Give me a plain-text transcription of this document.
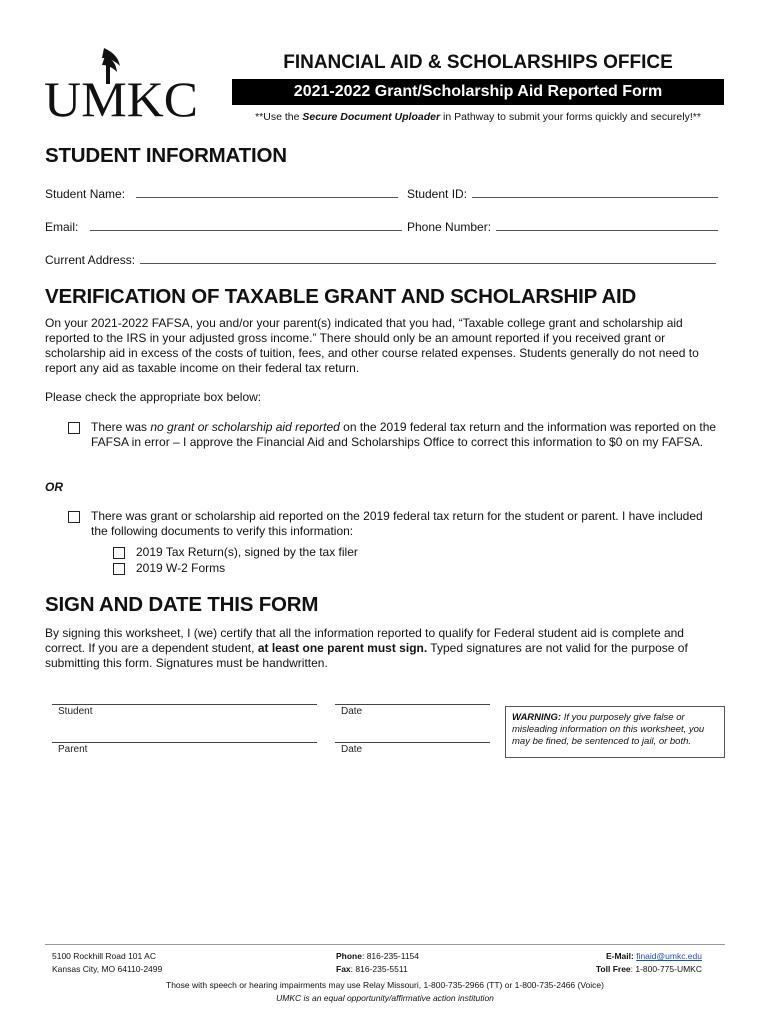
UMKC
FINANCIAL AID & SCHOLARSHIPS OFFICE
2021-2022 Grant/Scholarship Aid Reported Form
**Use the Secure Document Uploader in Pathway to submit your forms quickly and securely!**
STUDENT INFORMATION
Student Name:	Student ID:
Email:	Phone Number:
Current Address:
VERIFICATION OF TAXABLE GRANT AND SCHOLARSHIP AID
On your 2021-2022 FAFSA, you and/or your parent(s) indicated that you had, “Taxable college grant and scholarship aid reported to the IRS in your adjusted gross income.” There should only be an amount reported if you received grant or scholarship aid in excess of the costs of tuition, fees, and other course related expenses. Students generally do not need to report any aid as taxable income on their federal tax return.
Please check the appropriate box below:
There was no grant or scholarship aid reported on the 2019 federal tax return and the information was reported on the FAFSA in error – I approve the Financial Aid and Scholarships Office to correct this information to $0 on my FAFSA.
OR
There was grant or scholarship aid reported on the 2019 federal tax return for the student or parent. I have included the following documents to verify this information:
2019 Tax Return(s), signed by the tax filer
2019 W-2 Forms
SIGN AND DATE THIS FORM
By signing this worksheet, I (we) certify that all the information reported to qualify for Federal student aid is complete and correct. If you are a dependent student, at least one parent must sign. Typed signatures are not valid for the purpose of submitting this form. Signatures must be handwritten.
Student	Date
Parent	Date
WARNING: If you purposely give false or misleading information on this worksheet, you may be fined, be sentenced to jail, or both.
5100 Rockhill Road 101 AC
Kansas City, MO 64110-2499
Phone: 816-235-1154
Fax: 816-235-5511
E-Mail: finaid@umkc.edu
Toll Free: 1-800-775-UMKC
Those with speech or hearing impairments may use Relay Missouri, 1-800-735-2966 (TT) or 1-800-735-2466 (Voice)
UMKC is an equal opportunity/affirmative action institution
